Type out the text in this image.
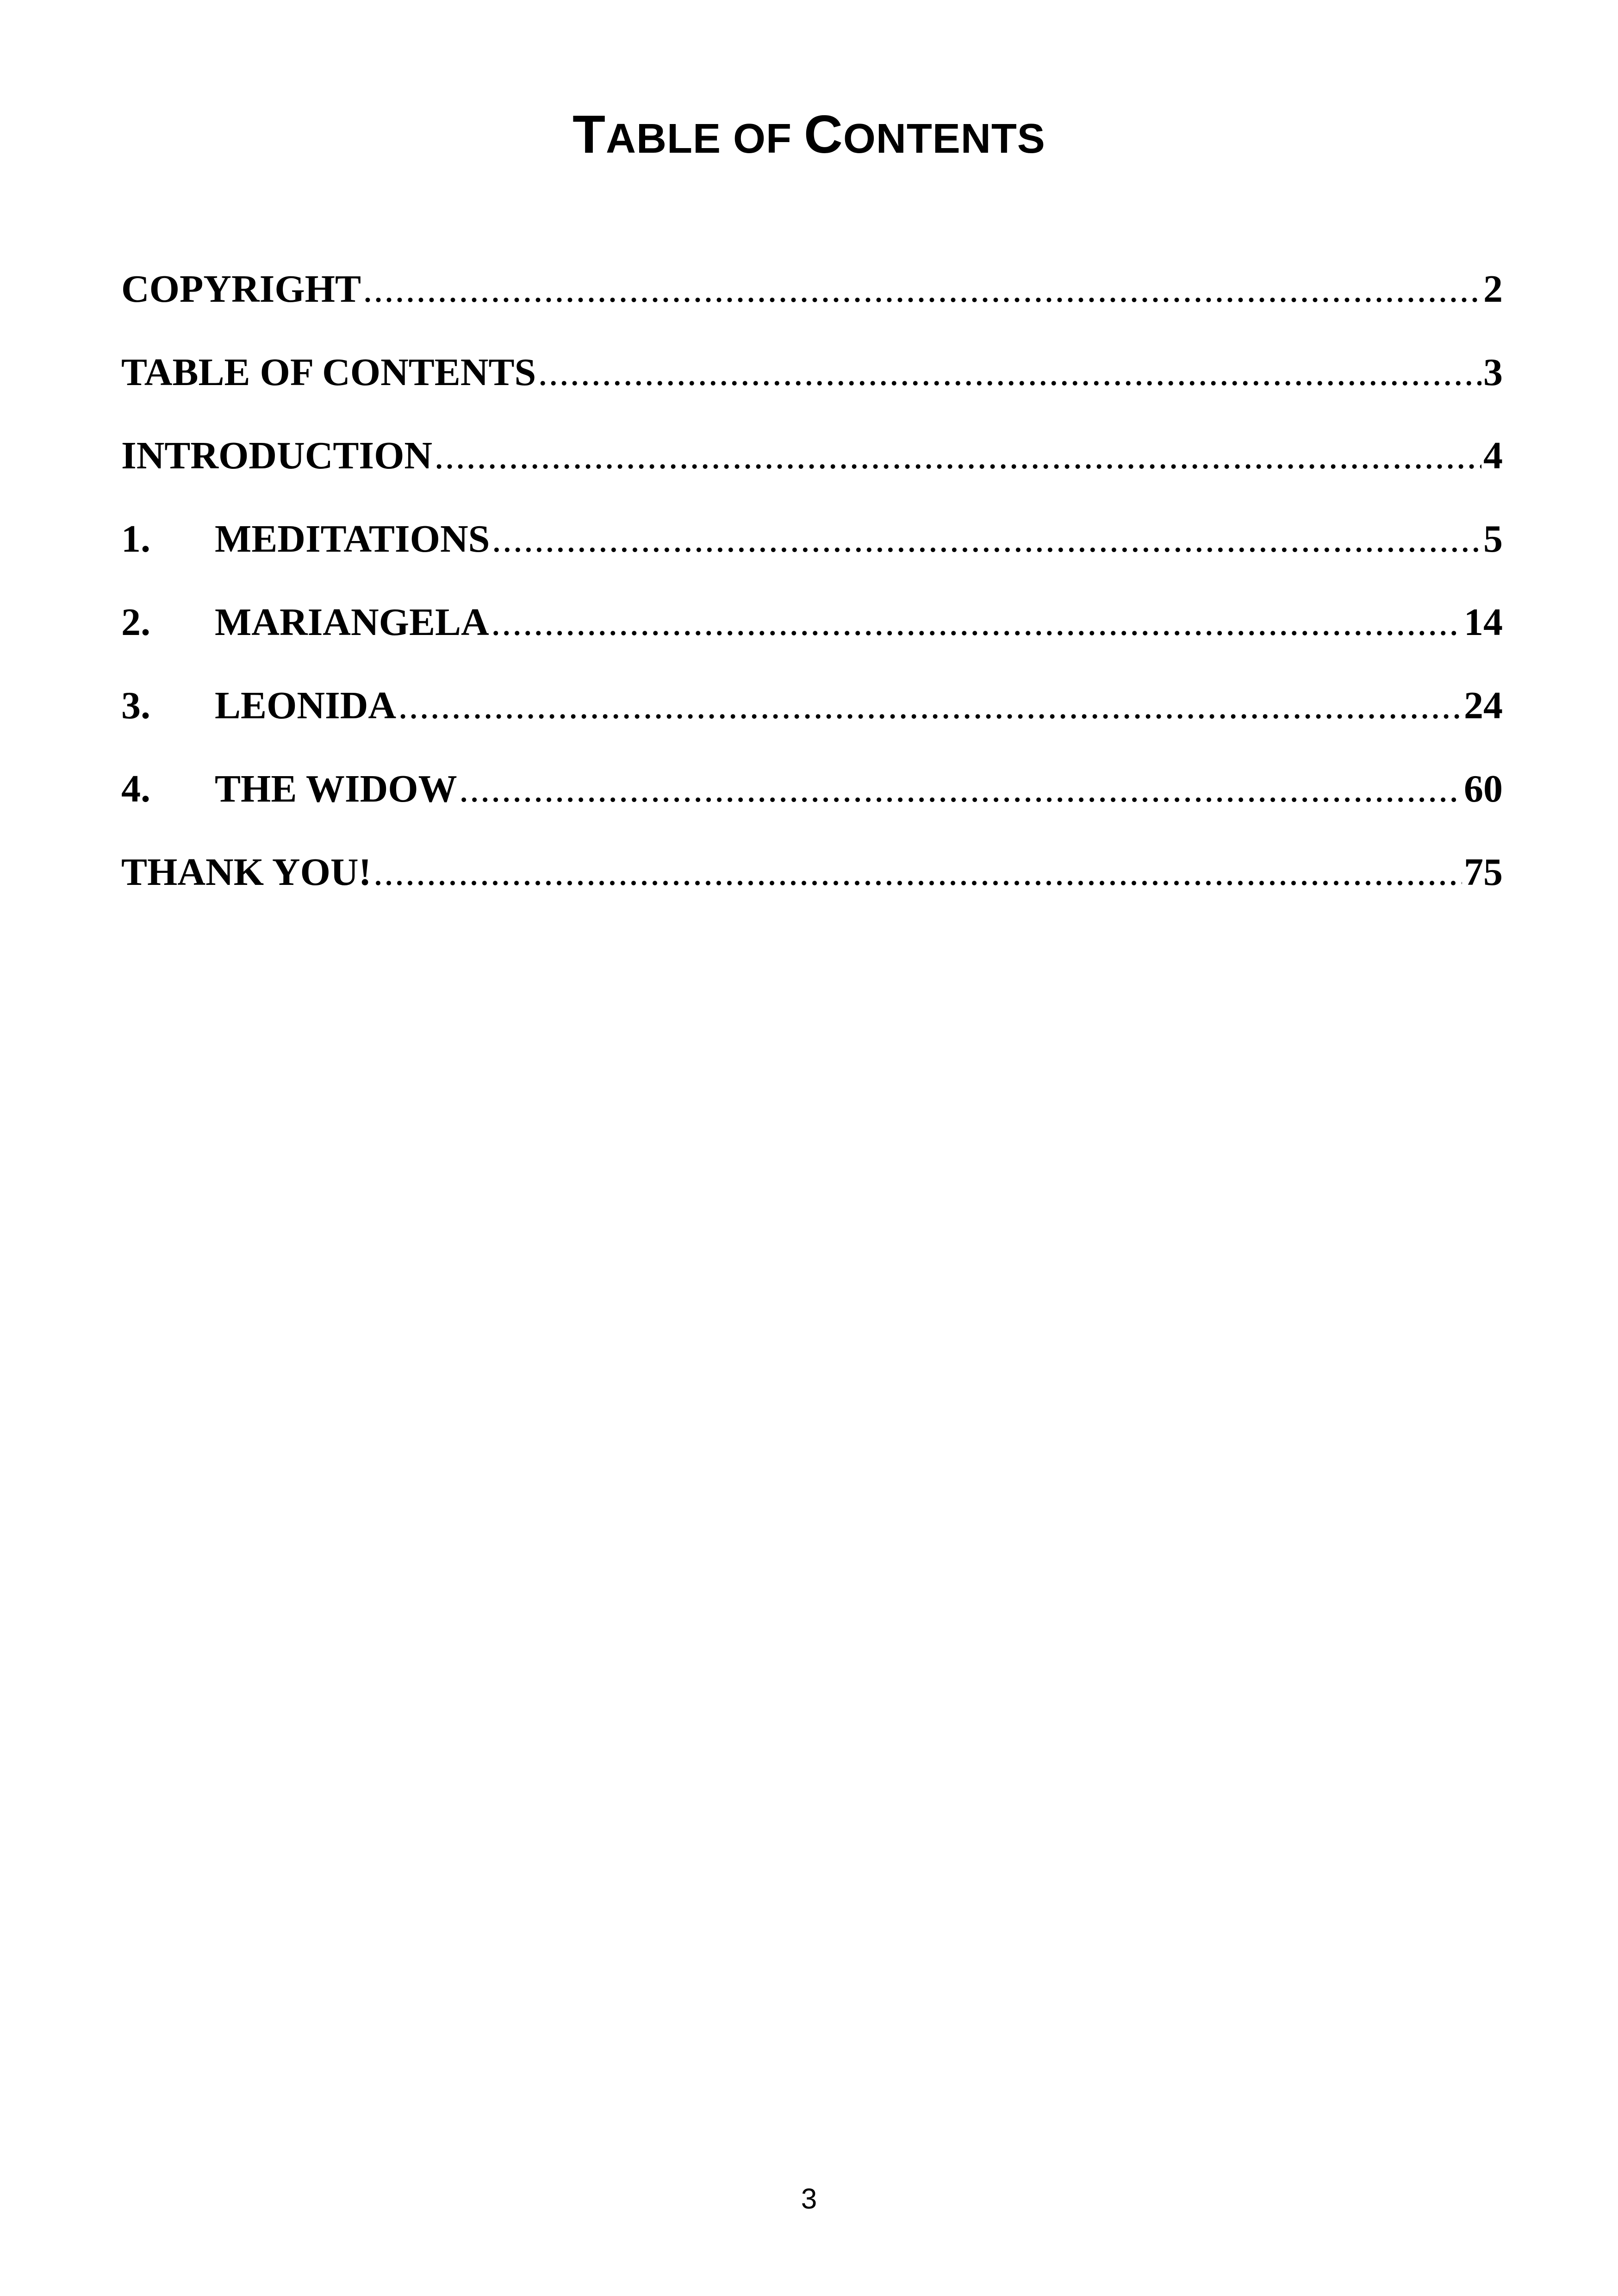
TABLE OF CONTENTS
COPYRIGHT .....	2
TABLE OF CONTENTS .....	3
INTRODUCTION .....	4
1.	MEDITATIONS .....	5
2.	MARIANGELA .....	14
3.	LEONIDA .....	24
4.	THE WIDOW .....	60
THANK YOU! .....	75
3
